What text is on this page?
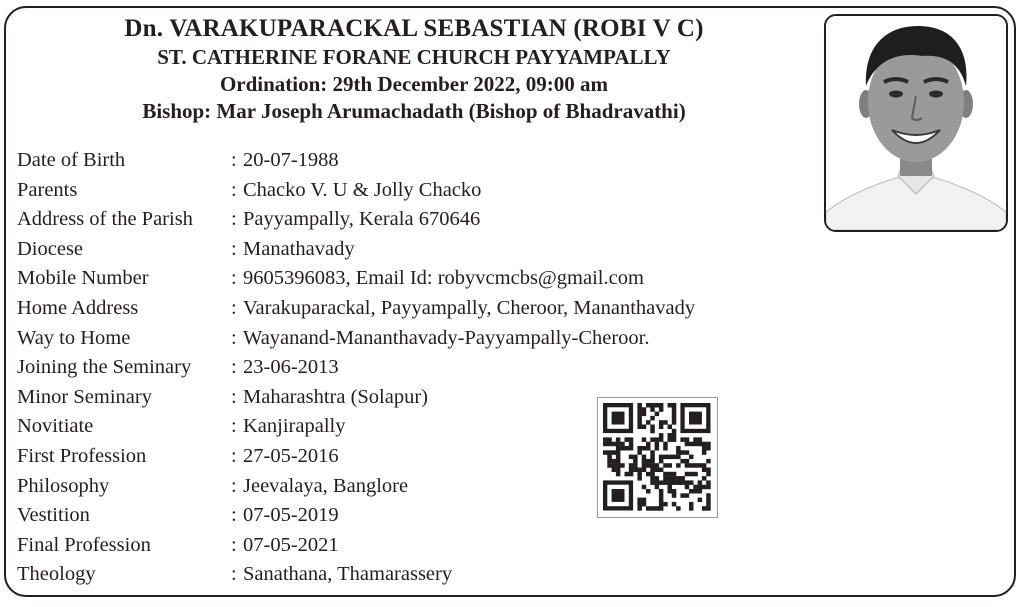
Dn. VARAKUPARACKAL SEBASTIAN (ROBI V C)
ST. CATHERINE FORANE CHURCH PAYYAMPALLY
Ordination: 29th December 2022, 09:00 am
Bishop: Mar Joseph Arumachadath (Bishop of Bhadravathi)
Date of Birth	: 20-07-1988
Parents	: Chacko V. U & Jolly Chacko
Address of the Parish : Payyampally, Kerala 670646
Diocese	: Manathavady
Mobile Number	: 9605396083, Email Id: robyvcmcbs@gmail.com
Home Address	: Varakuparackal, Payyampally, Cheroor, Mananthavady
Way to Home	: Wayanand-Mananthavady-Payyampally-Cheroor.
Joining the Seminary : 23-06-2013
Minor Seminary	: Maharashtra (Solapur)
Novitiate	: Kanjirapally
First Profession	: 27-05-2016
Philosophy	: Jeevalaya, Banglore
Vestition	: 07-05-2019
Final Profession	: 07-05-2021
Theology	: Sanathana, Thamarassery
